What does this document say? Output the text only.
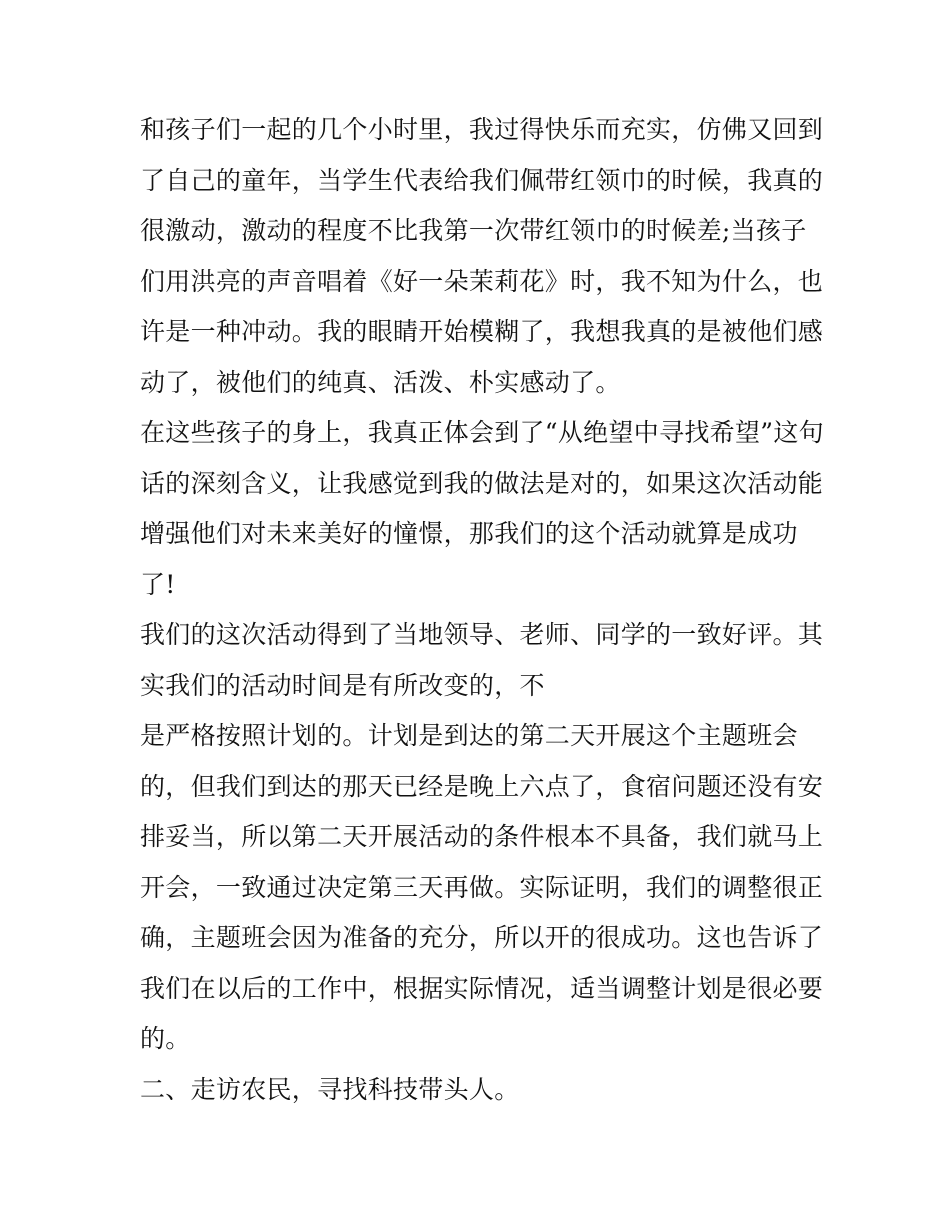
和孩子们一起的几个小时里，我过得快乐而充实，仿佛又回到
了自己的童年，当学生代表给我们佩带红领巾的时候，我真的
很激动，激动的程度不比我第一次带红领巾的时候差;当孩子
们用洪亮的声音唱着《好一朵茉莉花》时，我不知为什么，也
许是一种冲动。我的眼睛开始模糊了，我想我真的是被他们感
动了，被他们的纯真、活泼、朴实感动了。
在这些孩子的身上，我真正体会到了“从绝望中寻找希望”这句
话的深刻含义，让我感觉到我的做法是对的，如果这次活动能
增强他们对未来美好的憧憬，那我们的这个活动就算是成功
了!
我们的这次活动得到了当地领导、老师、同学的一致好评。其
实我们的活动时间是有所改变的，不
是严格按照计划的。计划是到达的第二天开展这个主题班会
的，但我们到达的那天已经是晚上六点了，食宿问题还没有安
排妥当，所以第二天开展活动的条件根本不具备，我们就马上
开会，一致通过决定第三天再做。实际证明，我们的调整很正
确，主题班会因为准备的充分，所以开的很成功。这也告诉了
我们在以后的工作中，根据实际情况，适当调整计划是很必要
的。
二、走访农民，寻找科技带头人。
